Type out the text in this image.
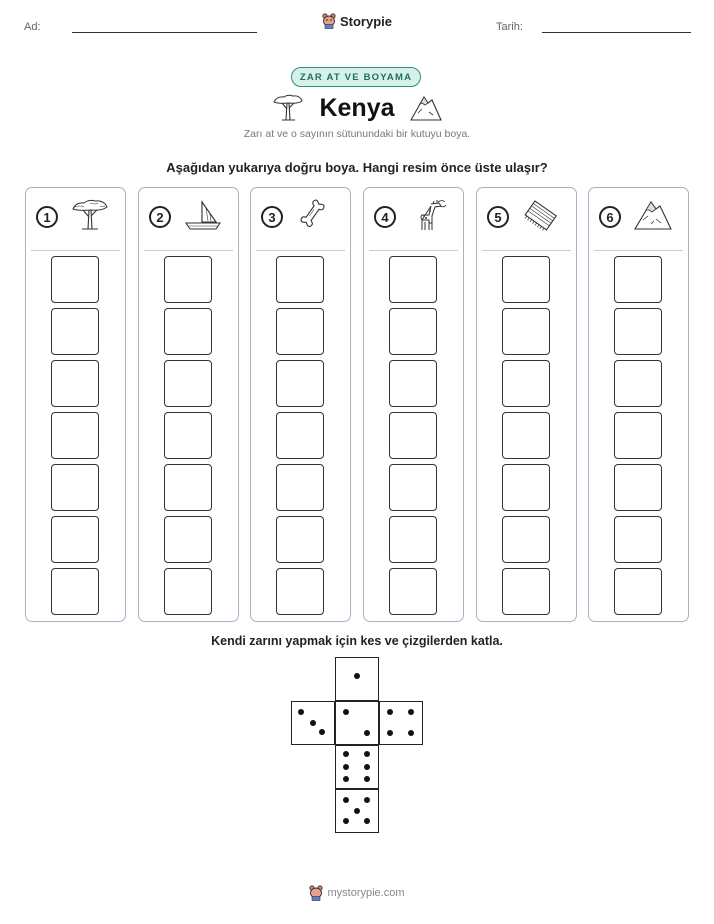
Ad:	Tarih:
Storypie
ZAR AT VE BOYAMA
Kenya
Zarı at ve o sayının sütunundaki bir kutuyu boya.
Aşağıdan yukarıya doğru boya. Hangi resim önce üste ulaşır?
1	2	3	4	5	6
Kendi zarını yapmak için kes ve çizgilerden katla.
mystorypie.com
